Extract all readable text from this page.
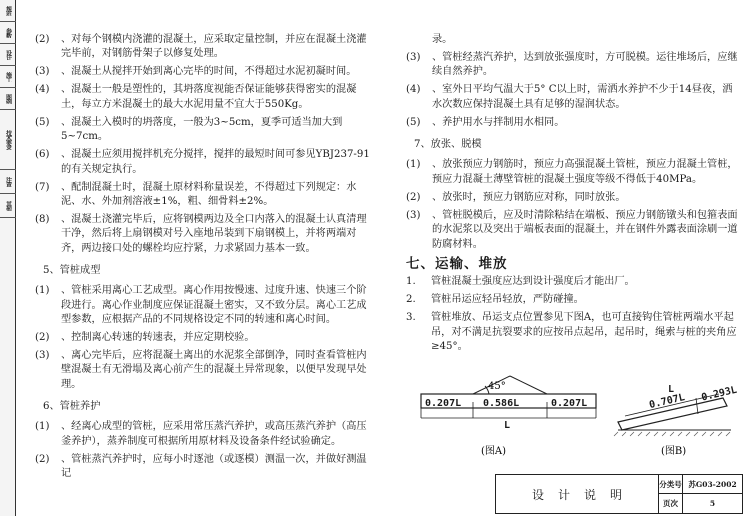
规范
参数
设计
施工
图例
技术要求
注意
其他
(2)	、对每个钢模内浇灌的混凝土，应采取定量控制，并应在混凝土浇灌完毕前，对钢筋骨架子以修复处理。
(3)	、混凝土从搅拌开始到离心完毕的时间，不得超过水泥初凝时间。
(4)	、混凝土一般是塑性的，其坍落度视能否保证能够获得密实的混凝土，每立方米混凝土的最大水泥用量不宜大于550Kg。
(5)	、混凝土入模时的坍落度，一般为3~5cm，夏季可适当加大到5~7cm。
(6)	、混凝土应须用搅拌机充分搅拌，搅拌的最短时间可参见YBJ237-91的有关规定执行。
(7)	、配制混凝土时，混凝土原材料称量误差，不得超过下列规定：水泥、水、外加剂溶液±1%，粗、细骨料±2%。
(8)	、混凝土浇灌完毕后，应将钢模两边及全口内落入的混凝土认真清理干净，然后将上扇钢模对号入座地吊装到下扇钢模上，并将两端对齐，两边接口处的螺栓均应拧紧，力求紧固力基本一致。
5、管桩成型
(1)	、管桩采用离心工艺成型。离心作用按慢速、过度升速、快速三个阶段进行。离心作业制度应保证混凝土密实，又不致分层。离心工艺成型参数，应根据产品的不同规格设定不同的转速和离心时间。
(2)	、控制离心转速的转速表，并应定期校验。
(3)	、离心完毕后，应将混凝土离出的水泥浆全部倒净，同时查看管桩内壁混凝土有无滑塌及离心前产生的混凝土异常现象，以便早发现早处理。
6、管桩养护
(1)	、经离心成型的管桩，应采用常压蒸汽养护，或高压蒸汽养护（高压釜养护），蒸养制度可根据所用原材料及设备条件经试验确定。
(2)	、管桩蒸汽养护时，应每小时逐池（或逐模）测温一次，并做好测温记
录。
(3)	、管桩经蒸汽养护，达到放张强度时，方可脱模。运往堆场后，应继续自然养护。
(4)	、室外日平均气温大于5° C以上时，需洒水养护不少于14昼夜，洒水次数应保持混凝土具有足够的湿润状态。
(5)	、养护用水与拌制用水相同。
7、放张、脱模
(1)	、放张预应力钢筋时，预应力高强混凝土管桩，预应力混凝土管桩，预应力混凝土薄壁管桩的混凝土强度等级不得低于40MPa。
(2)	、放张时，预应力钢筋应对称，同时放张。
(3)	、管桩脱模后，应及时清除粘结在端板、预应力钢筋镦头和包箍表面的水泥浆以及突出于端板表面的混凝土，并在钢件外露表面涂刷一道防腐材料。
七、运输、堆放
1.	管桩混凝土强度应达到设计强度后才能出厂。
2.	管桩吊运应轻吊轻放，严防碰撞。
3.	管桩堆放、吊运支点位置参见下图A，也可直接钩住管桩两端水平起吊，对不满足抗裂要求的应按吊点起吊，起吊时，绳索与桩的夹角应≥45°。
45°
0.207L 0.586L	0.207L
L
(图A)
L
0.707L 0.293L
(图B)
设计说明
分类号 苏G03-2002
页次	5
